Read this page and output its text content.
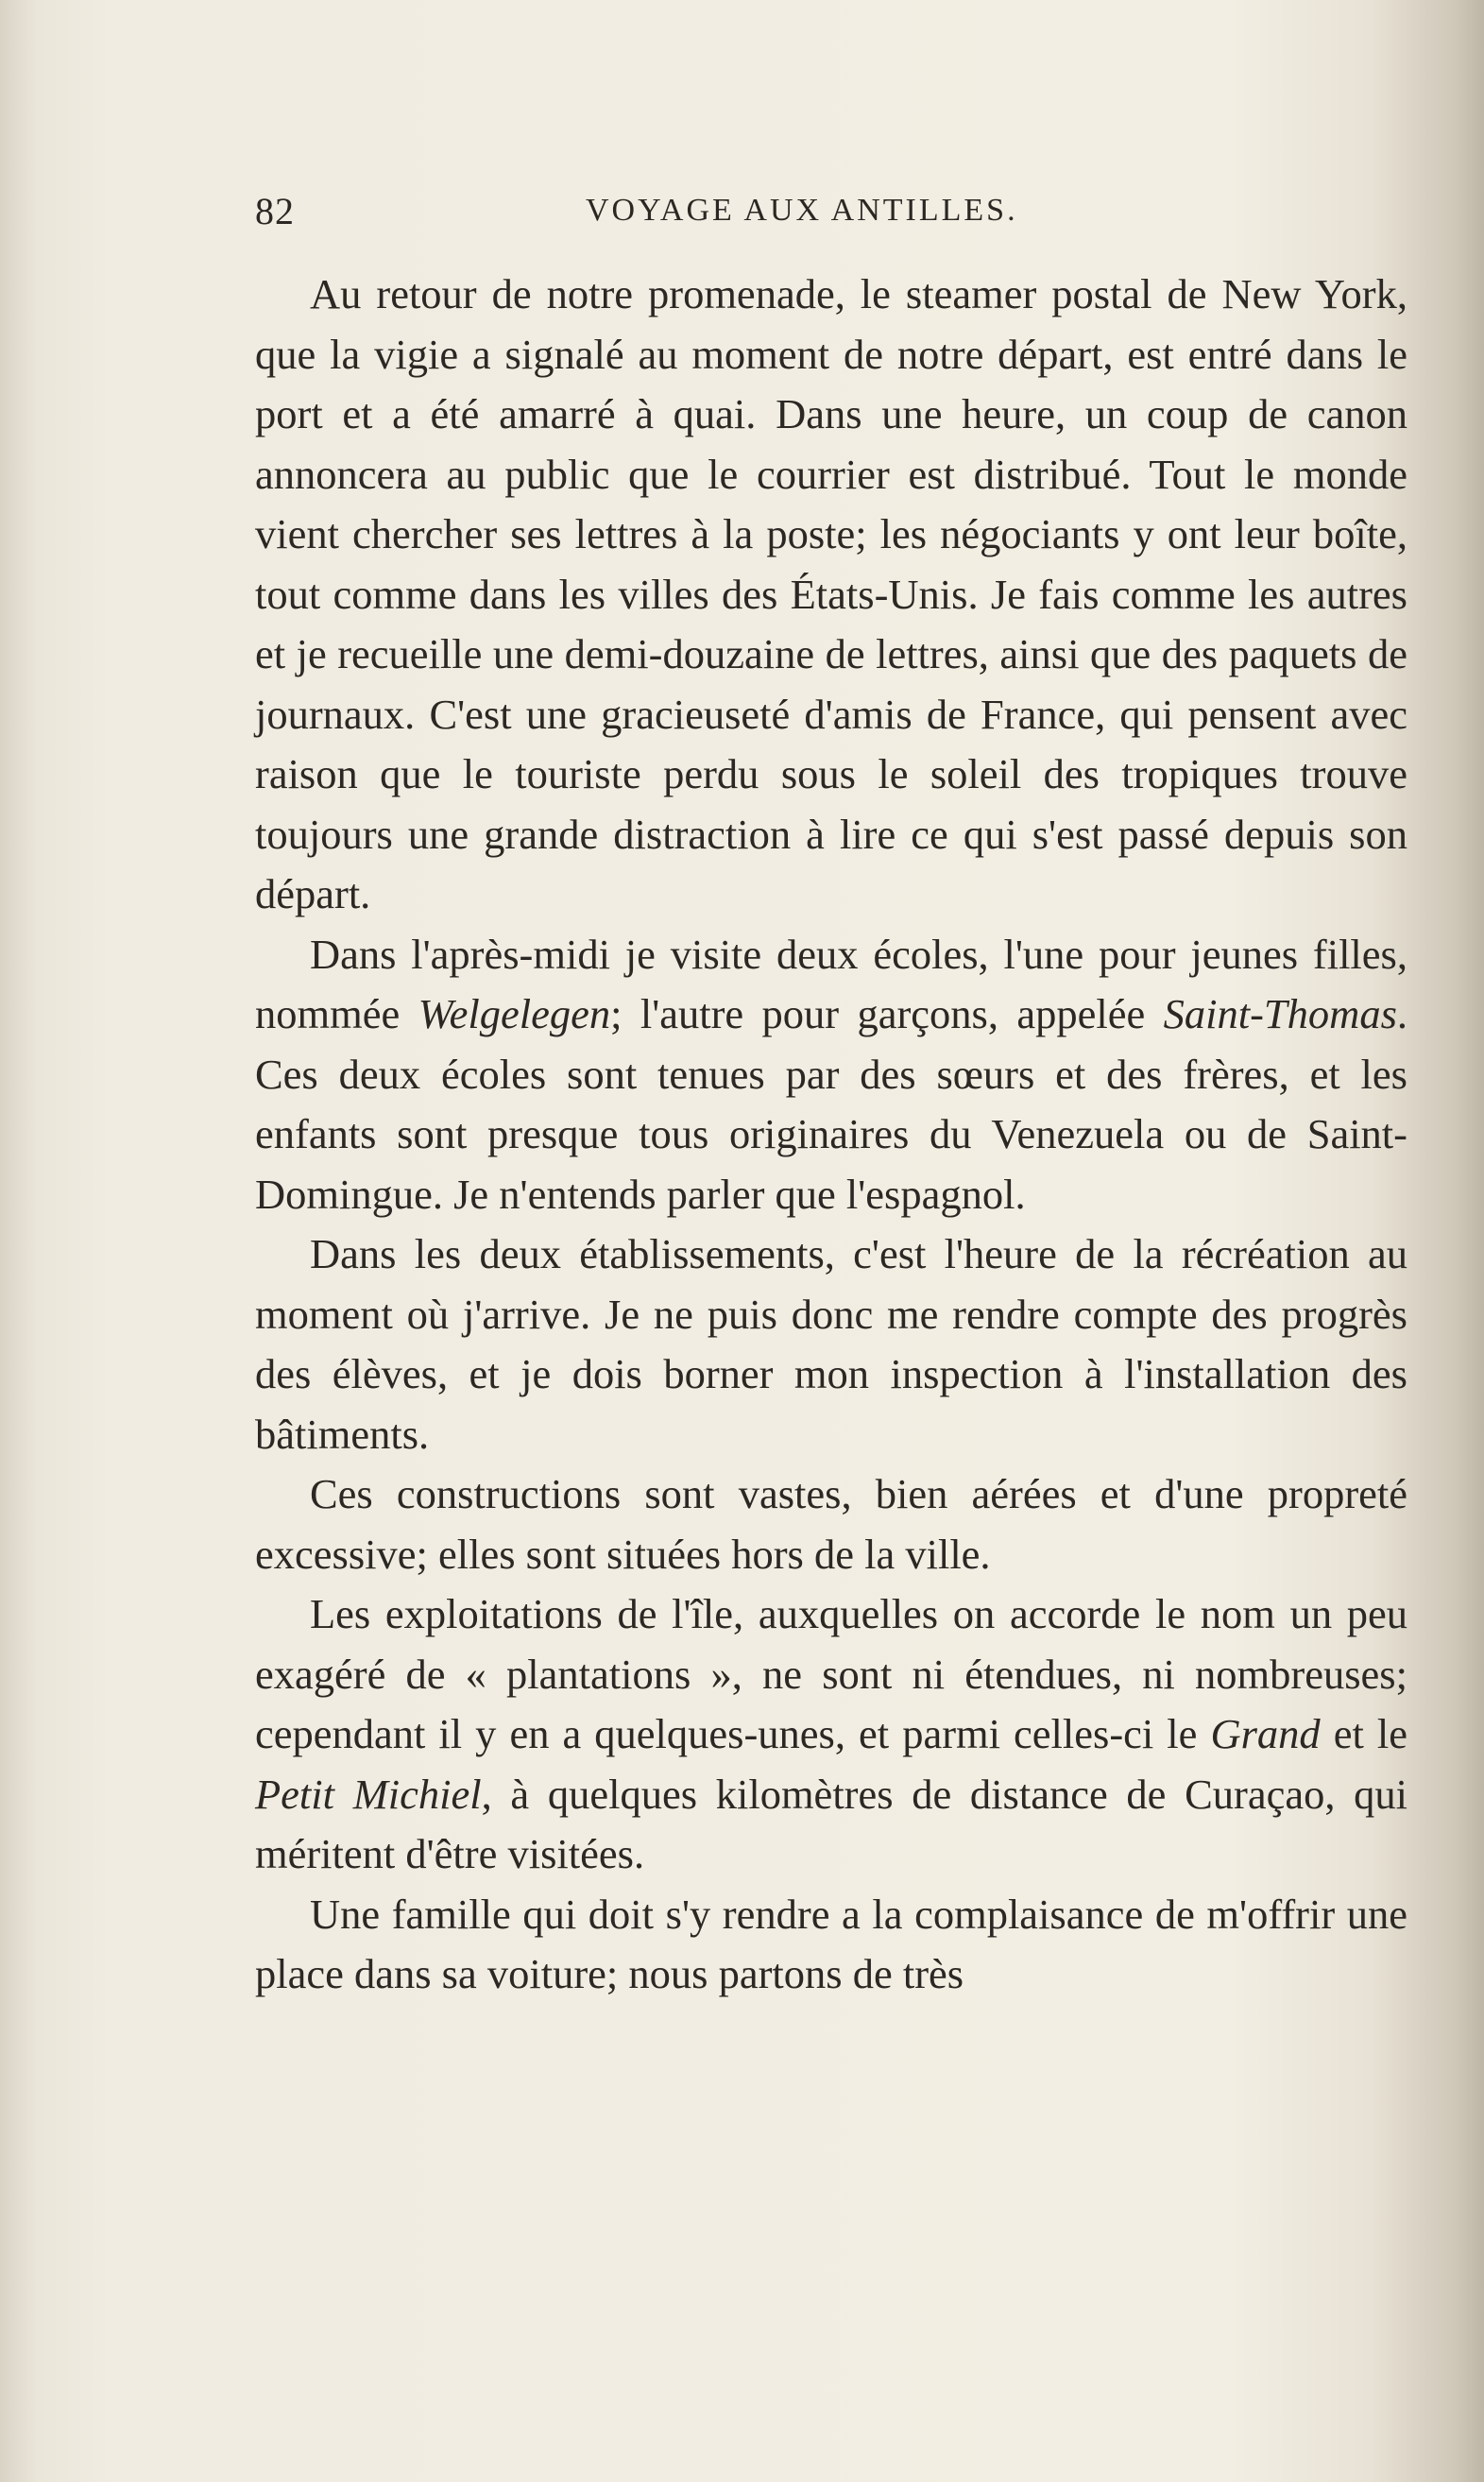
82	VOYAGE AUX ANTILLES.

Au retour de notre promenade, le steamer postal de New York, que la vigie a signalé au moment de notre départ, est entré dans le port et a été amarré à quai. Dans une heure, un coup de canon annoncera au public que le courrier est distribué. Tout le monde vient chercher ses lettres à la poste; les négociants y ont leur boîte, tout comme dans les villes des États-Unis. Je fais comme les autres et je recueille une demi-douzaine de lettres, ainsi que des paquets de journaux. C'est une gracieuseté d'amis de France, qui pensent avec raison que le touriste perdu sous le soleil des tropiques trouve toujours une grande distraction à lire ce qui s'est passé depuis son départ.

Dans l'après-midi je visite deux écoles, l'une pour jeunes filles, nommée Welgelegen; l'autre pour garçons, appelée Saint-Thomas. Ces deux écoles sont tenues par des sœurs et des frères, et les enfants sont presque tous originaires du Venezuela ou de Saint-Domingue. Je n'entends parler que l'espagnol.

Dans les deux établissements, c'est l'heure de la récréation au moment où j'arrive. Je ne puis donc me rendre compte des progrès des élèves, et je dois borner mon inspection à l'installation des bâtiments.

Ces constructions sont vastes, bien aérées et d'une propreté excessive; elles sont situées hors de la ville.

Les exploitations de l'île, auxquelles on accorde le nom un peu exagéré de « plantations », ne sont ni étendues, ni nombreuses; cependant il y en a quelques-unes, et parmi celles-ci le Grand et le Petit Michiel, à quelques kilomètres de distance de Curaçao, qui méritent d'être visitées.

Une famille qui doit s'y rendre a la complaisance de m'offrir une place dans sa voiture; nous partons de très
